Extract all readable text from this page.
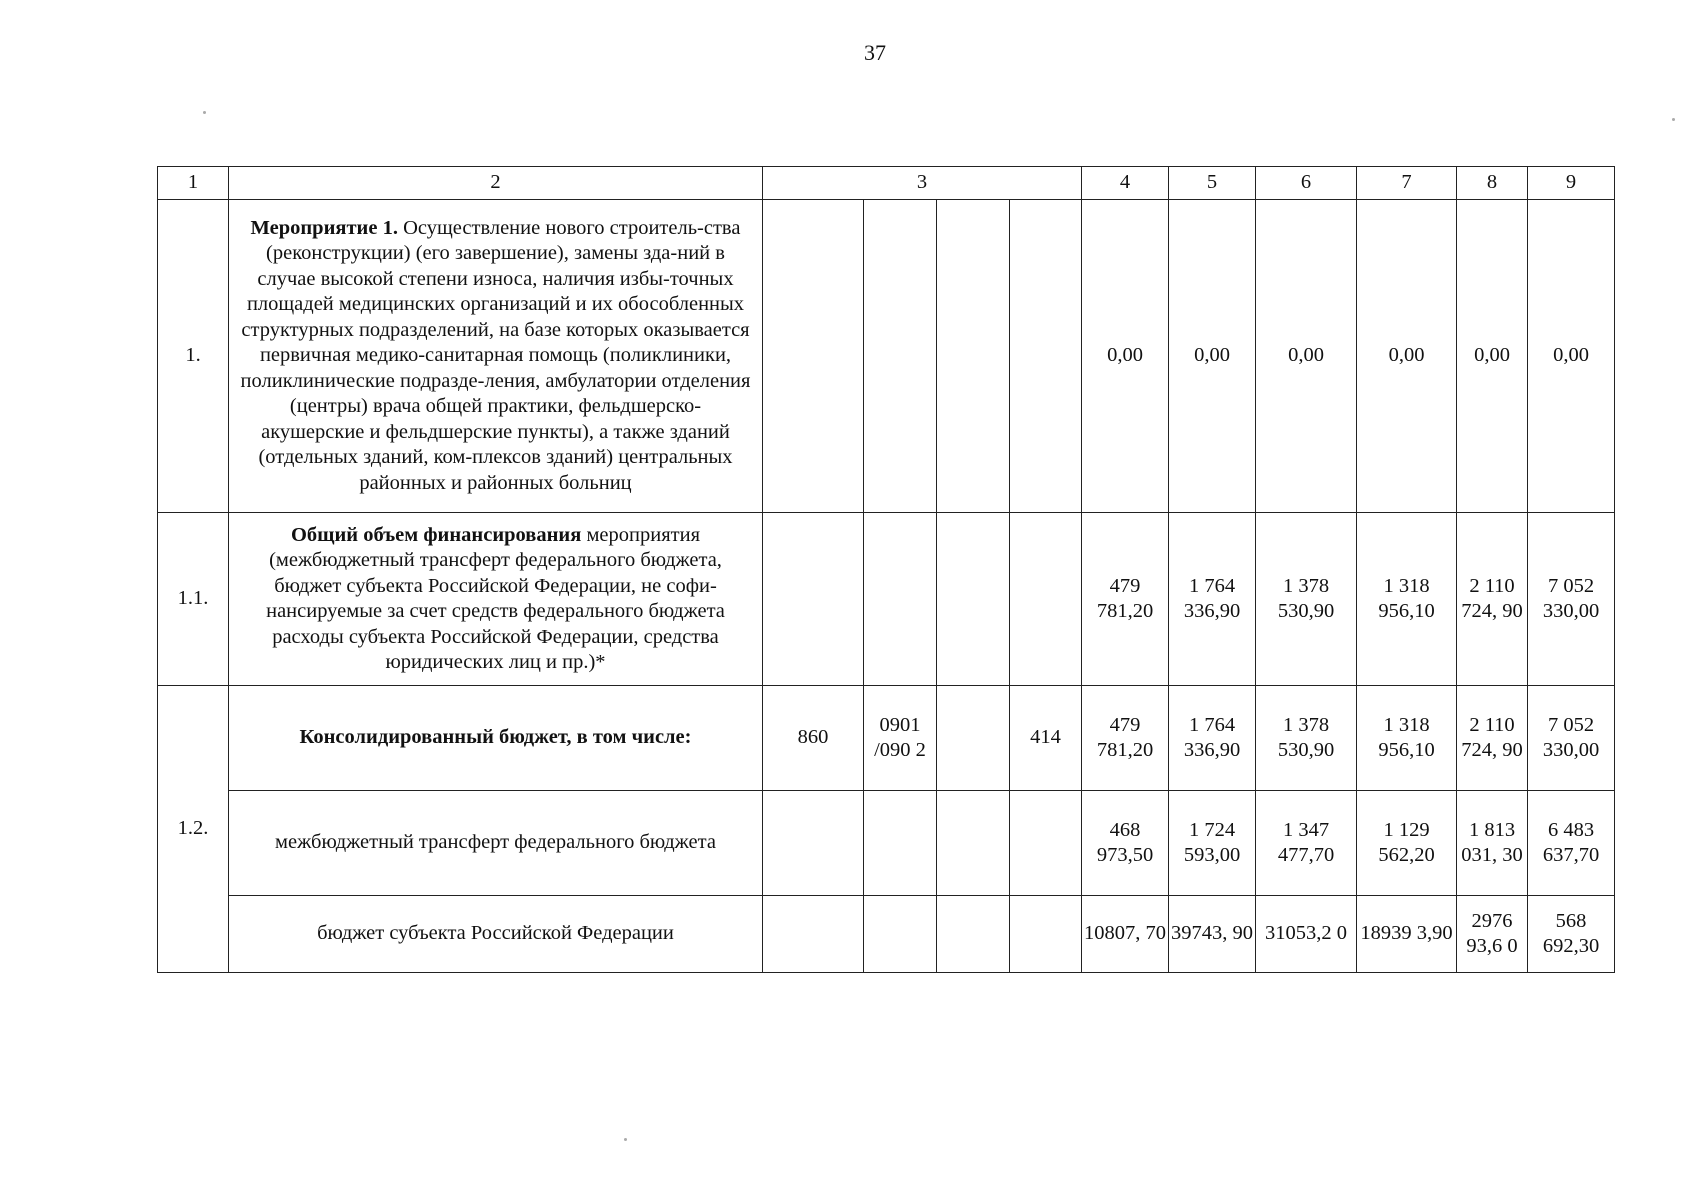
37
1	2	3				4	5	6	7	8	9
1.	Мероприятие 1. Осуществление нового строитель-ства (реконструкции) (его завершение), замены зда-ний в случае высокой степени износа, наличия избы-точных площадей медицинских организаций и их обособленных структурных подразделений, на базе которых оказывается первичная медико-санитарная помощь (поликлиники, поликлинические подразде-ления, амбулатории отделения (центры) врача общей практики, фельдшерско-акушерские и фельдшерские пункты), а также зданий (отдельных зданий, ком-плексов зданий) центральных районных и районных больниц					0,00	0,00	0,00	0,00	0,00	0,00
1.1.	Общий объем финансирования мероприятия (межбюджетный трансферт федерального бюджета, бюджет субъекта Российской Федерации, не софи-нансируемые за счет средств федерального бюджета расходы субъекта Российской Федерации, средства юридических лиц и пр.)*					479 781,20	1 764 336,90	1 378 530,90	1 318 956,10	2 110 724, 90	7 052 330,00
1.2.	Консолидированный бюджет, в том числе:	860	0901 /090 2		414	479 781,20	1 764 336,90	1 378 530,90	1 318 956,10	2 110 724, 90	7 052 330,00
	межбюджетный трансферт федерального бюджета					468 973,50	1 724 593,00	1 347 477,70	1 129 562,20	1 813 031, 30	6 483 637,70
	бюджет субъекта Российской Федерации					10807, 70	39743, 90	31053,2 0	18939 3,90	2976 93,6 0	568 692,30
